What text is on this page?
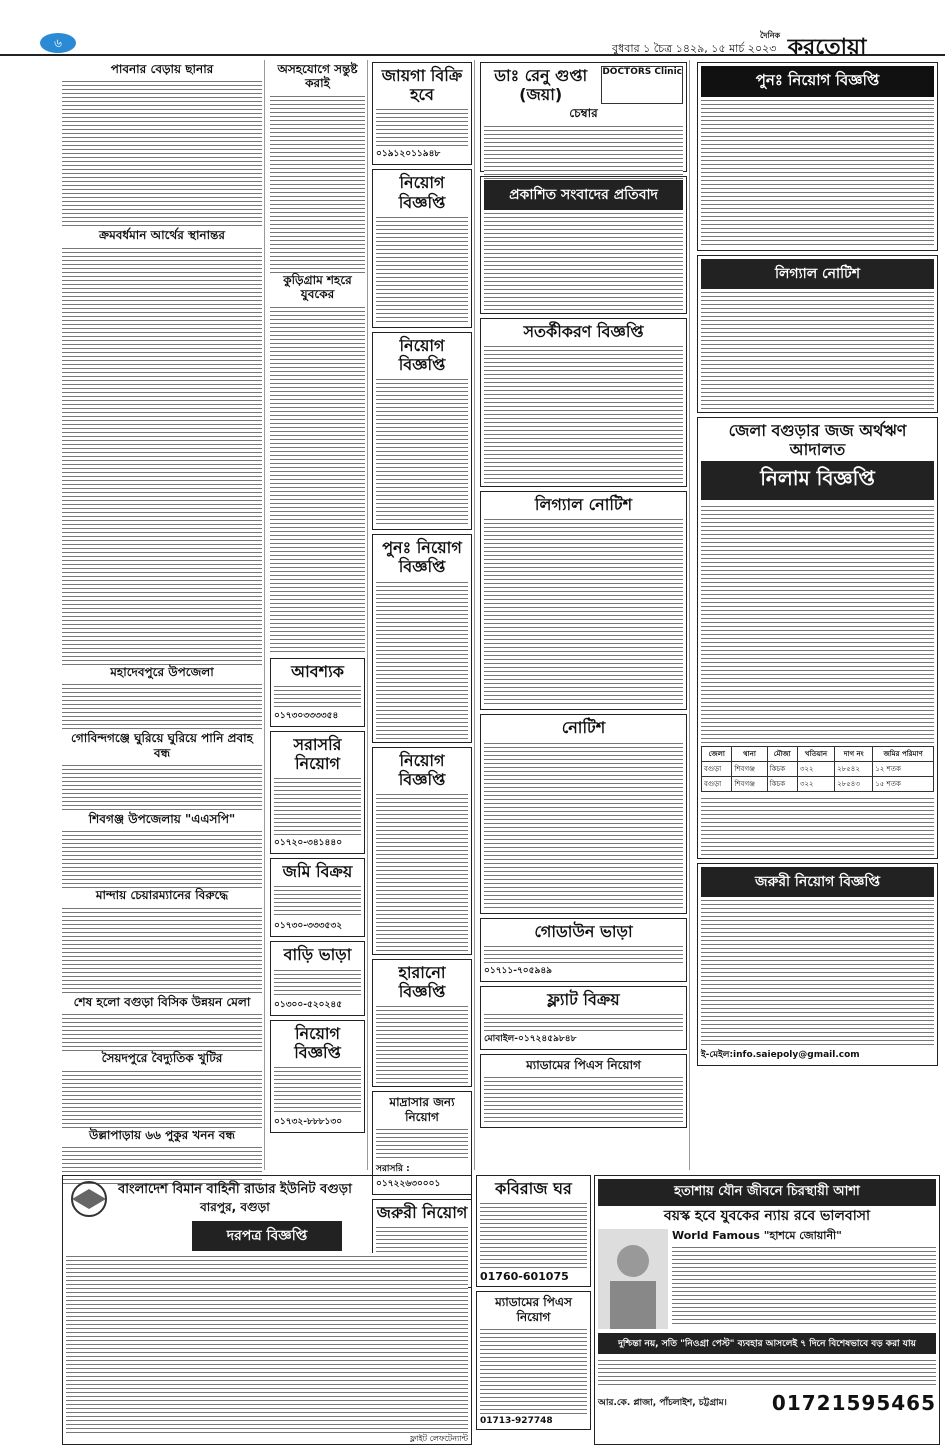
৬	বুধবার ১ চৈত্র ১৪২৯, ১৫ মার্চ ২০২৩
$^{দৈনিক}$ করতোয়া
পাবনার বেড়ায় ছানার
ক্রমবর্ধমান আর্থের স্থানান্তর
মহাদেবপুরে উপজেলা
গোবিন্দগঞ্জে ঘুরিয়ে ঘুরিয়ে পানি প্রবাহ বন্ধ
শিবগঞ্জ উপজেলায় "এএসপি"
মান্দায় চেয়ারম্যানের বিরুদ্ধে
শেষ হলো বগুড়া বিসিক উন্নয়ন মেলা
সৈয়দপুরে বৈদ্যুতিক খুটির
উল্লাপাড়ায় ৬৬ পুকুর খনন বন্ধ
অসহযোগে সন্তুষ্ট করাই
কুড়িগ্রাম শহরে যুবকের
আবশ্যক
০১৭৩০৩৩৩৩৫৪
সরাসরি নিয়োগ
০১৭২০-৩৪১৪৪০
জমি বিক্রয়
০১৭৩০-৩৩৩৫৩২
বাড়ি ভাড়া
০১৩০০-৫২০২৪৫
নিয়োগ বিজ্ঞপ্তি
০১৭৩২-৮৮৮১৩০
জায়গা বিক্রি হবে
০১৯১২০১১৯৪৮
নিয়োগ বিজ্ঞপ্তি
নিয়োগ বিজ্ঞপ্তি
পুনঃ নিয়োগ বিজ্ঞপ্তি
নিয়োগ বিজ্ঞপ্তি
হারানো বিজ্ঞপ্তি
মাদ্রাসার জন্য নিয়োগ
সরাসরি : ০১৭২২৬৩০০০১
জরুরী নিয়োগ
ডাঃ রেনু গুপ্তা (জয়া)
DOCTORS Clinic
চেম্বার
প্রকাশিত সংবাদের প্রতিবাদ
সতর্কীকরণ বিজ্ঞপ্তি
লিগ্যাল নোটিশ
নোটিশ
গোডাউন ভাড়া
০১৭১১-৭০৫৯৪৯
ফ্ল্যাট বিক্রয়
মোবাইল-০১৭২৪৫৯৮৪৮
ম্যাডামের পিএস নিয়োগ
পুনঃ নিয়োগ বিজ্ঞপ্তি
লিগ্যাল নোটিশ
জেলা বগুড়ার জজ অর্থঋণ আদালত
নিলাম বিজ্ঞপ্তি
জেলা	থানা	মৌজা	খতিয়ান	দাগ নং	জমির পরিমাণ
বগুড়া	শিবগঞ্জ	কিচক	৩২২	২৮৫৪২	১২ শতক
বগুড়া	শিবগঞ্জ	কিচক	৩২২	২৮৫৪৩	১৫ শতক
জরুরী নিয়োগ বিজ্ঞপ্তি
ই-মেইল:info.saiepoly@gmail.com
বাংলাদেশ বিমান বাহিনী রাডার ইউনিট বগুড়া
বারপুর, বগুড়া
দরপত্র বিজ্ঞপ্তি
ফ্লাইট লেফটেন্যান্ট
কবিরাজ ঘর
01760-601075
ম্যাডামের পিএস নিয়োগ
01713-927748
হতাশায় যৌন জীবনে চিরস্থায়ী আশা
বয়স্ক হবে যুবকের ন্যায় রবে ভালবাসা
World Famous "হাশমে জোয়ানী"
দুশ্চিন্তা নয়, সতি "নিওগ্রা পেস্ট" ব্যবহার আসলেই ৭ দিনে বিশেষভাবে বড় করা যায়
আর.কে. প্লাজা, পাঁচলাইশ, চট্টগ্রাম। 01721595465
